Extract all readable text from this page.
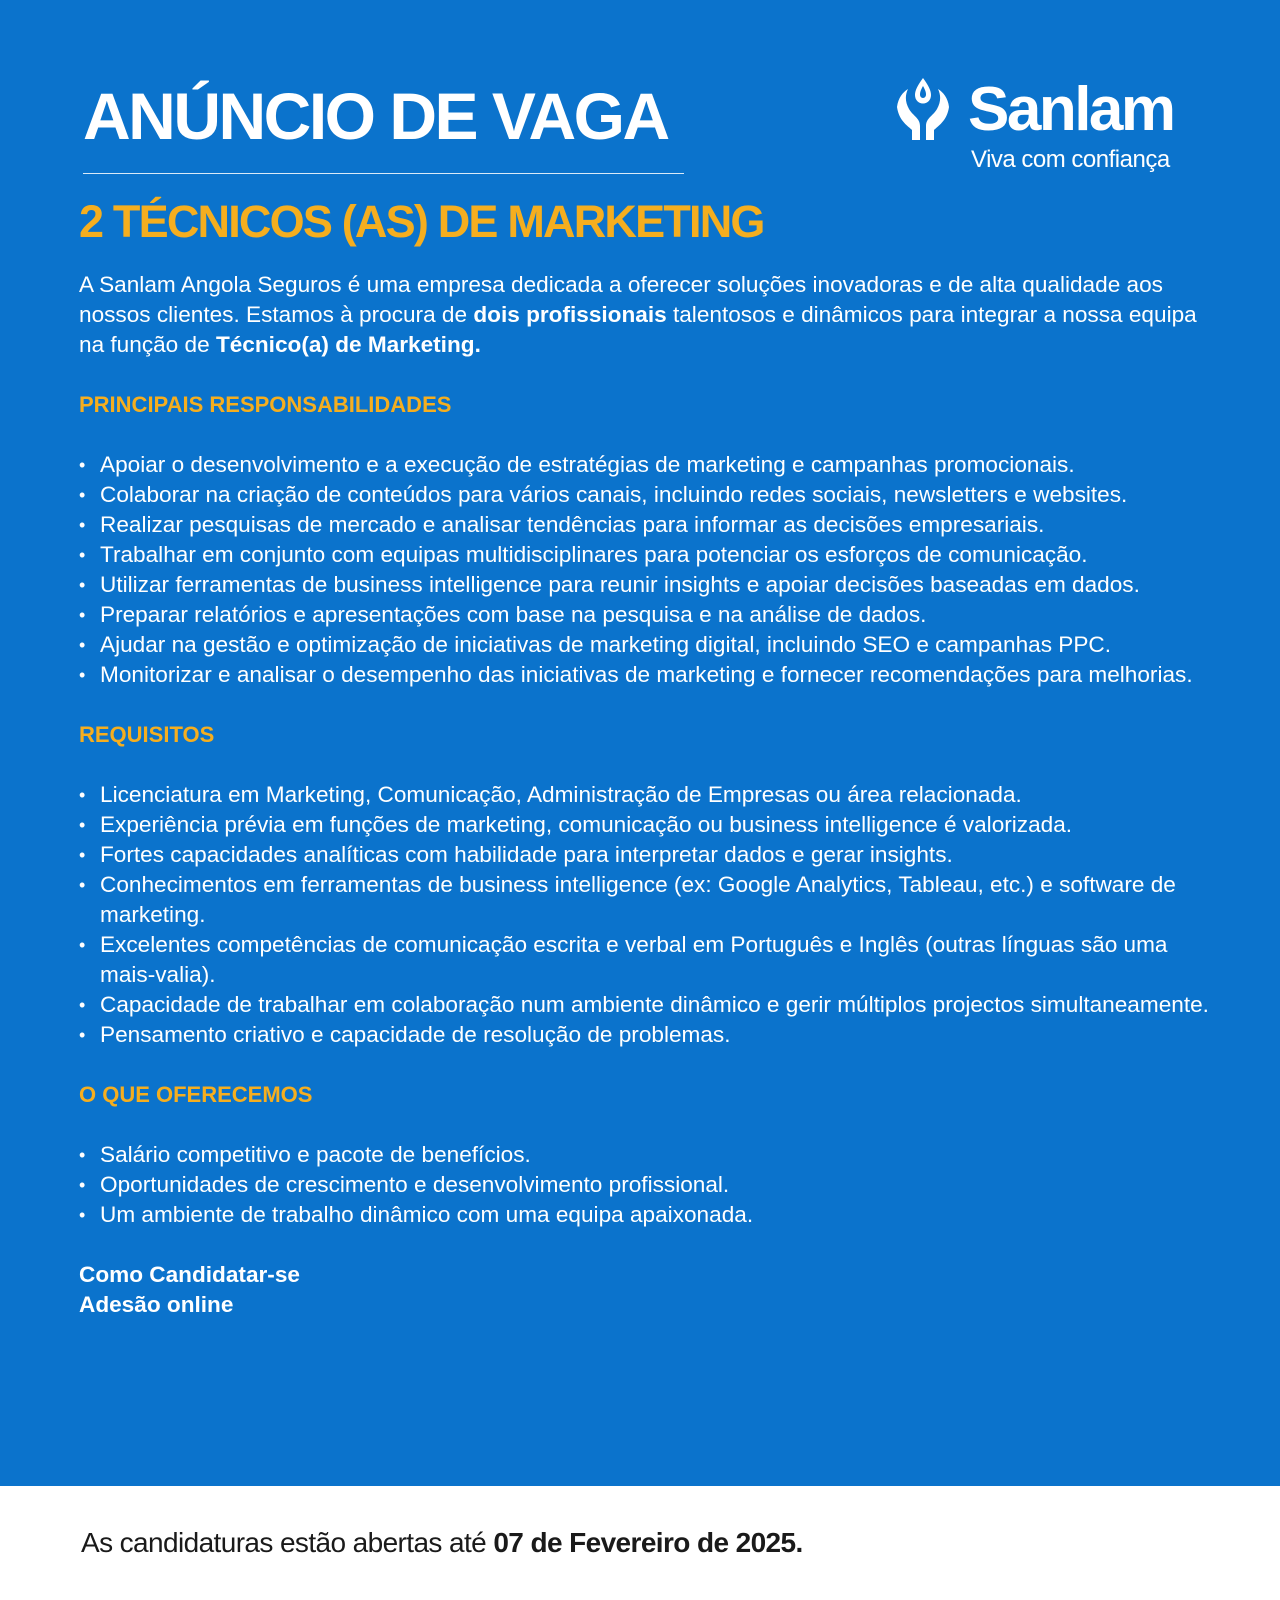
ANÚNCIO DE VAGA	Sanlam
Viva com confiança
2 TÉCNICOS (AS) DE MARKETING

A Sanlam Angola Seguros é uma empresa dedicada a oferecer soluções inovadoras e de alta qualidade aos nossos clientes. Estamos à procura de dois profissionais talentosos e dinâmicos para integrar a nossa equipa na função de Técnico(a) de Marketing.

PRINCIPAIS RESPONSABILIDADES
• Apoiar o desenvolvimento e a execução de estratégias de marketing e campanhas promocionais.
• Colaborar na criação de conteúdos para vários canais, incluindo redes sociais, newsletters e websites.
• Realizar pesquisas de mercado e analisar tendências para informar as decisões empresariais.
• Trabalhar em conjunto com equipas multidisciplinares para potenciar os esforços de comunicação.
• Utilizar ferramentas de business intelligence para reunir insights e apoiar decisões baseadas em dados.
• Preparar relatórios e apresentações com base na pesquisa e na análise de dados.
• Ajudar na gestão e optimização de iniciativas de marketing digital, incluindo SEO e campanhas PPC.
• Monitorizar e analisar o desempenho das iniciativas de marketing e fornecer recomendações para melhorias.
REQUISITOS
• Licenciatura em Marketing, Comunicação, Administração de Empresas ou área relacionada.
• Experiência prévia em funções de marketing, comunicação ou business intelligence é valorizada.
• Fortes capacidades analíticas com habilidade para interpretar dados e gerar insights.
• Conhecimentos em ferramentas de business intelligence (ex: Google Analytics, Tableau, etc.) e software de marketing.
• Excelentes competências de comunicação escrita e verbal em Português e Inglês (outras línguas são uma mais-valia).
• Capacidade de trabalhar em colaboração num ambiente dinâmico e gerir múltiplos projectos simultaneamente.
• Pensamento criativo e capacidade de resolução de problemas.
O QUE OFERECEMOS
• Salário competitivo e pacote de benefícios.
• Oportunidades de crescimento e desenvolvimento profissional.
• Um ambiente de trabalho dinâmico com uma equipa apaixonada.
Como Candidatar-se
Adesão online

As candidaturas estão abertas até 07 de Fevereiro de 2025.
